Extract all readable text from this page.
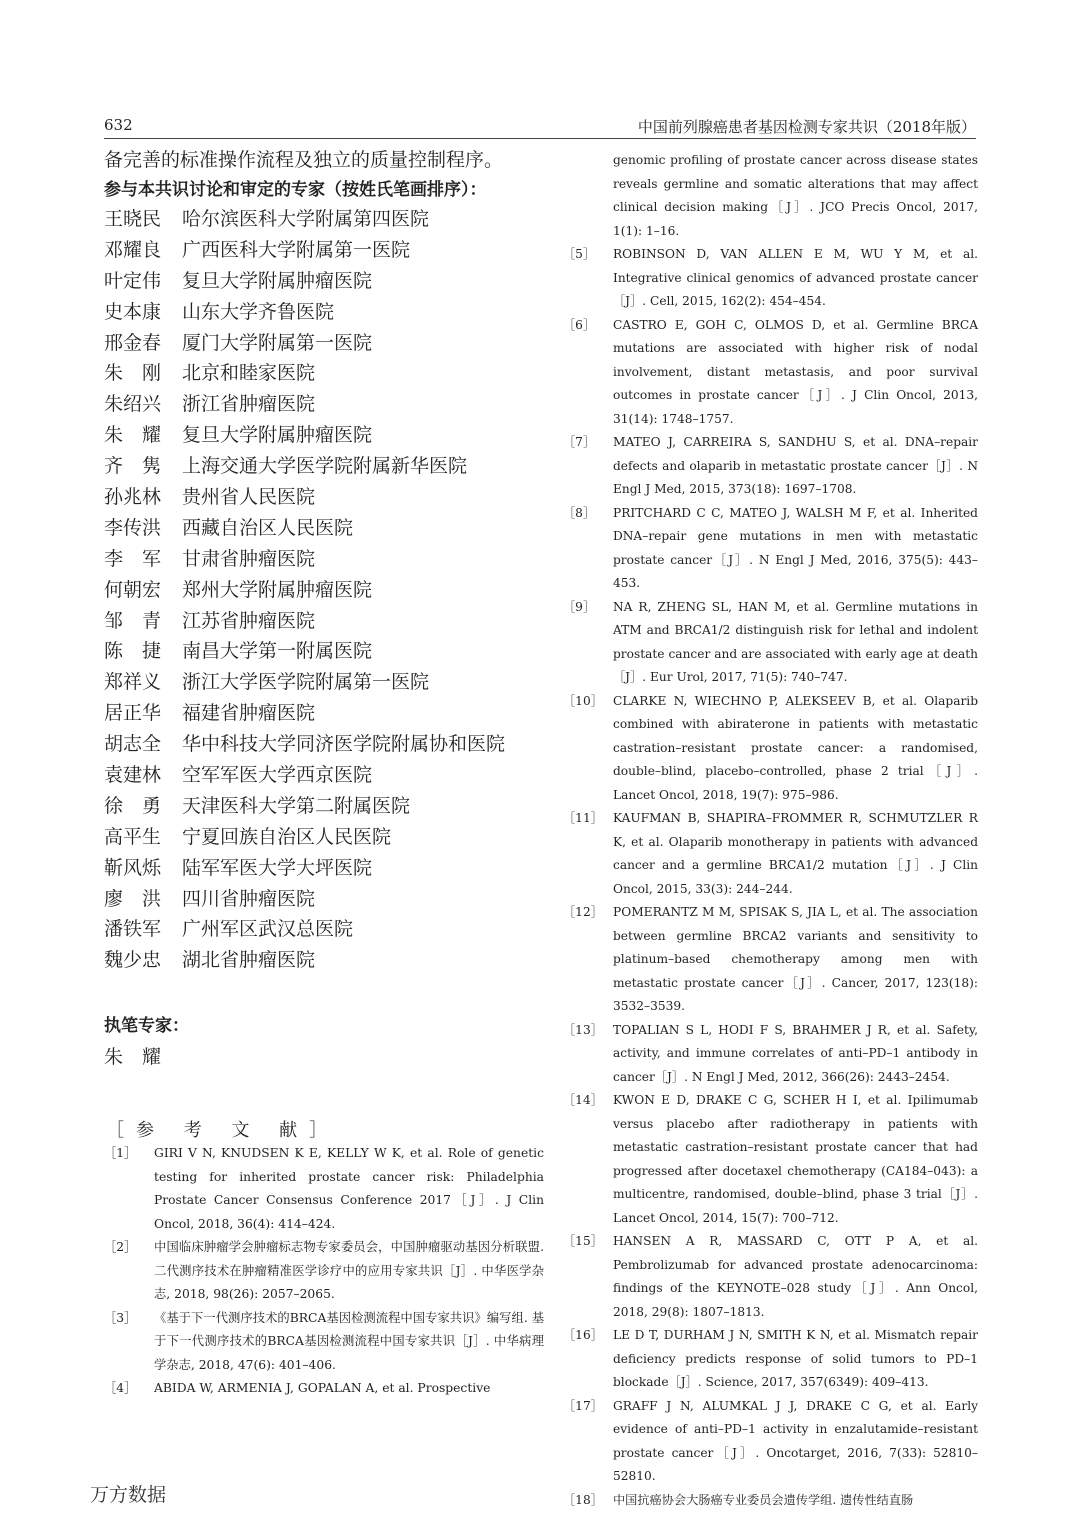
632	中国前列腺癌患者基因检测专家共识（2018年版）
备完善的标准操作流程及独立的质量控制程序。
参与本共识讨论和审定的专家（按姓氏笔画排序）：
王晓民	哈尔滨医科大学附属第四医院
邓耀良	广西医科大学附属第一医院
叶定伟	复旦大学附属肿瘤医院
史本康	山东大学齐鲁医院
邢金春	厦门大学附属第一医院
朱　刚	北京和睦家医院
朱绍兴	浙江省肿瘤医院
朱　耀	复旦大学附属肿瘤医院
齐　隽	上海交通大学医学院附属新华医院
孙兆林	贵州省人民医院
李传洪	西藏自治区人民医院
李　军	甘肃省肿瘤医院
何朝宏	郑州大学附属肿瘤医院
邹　青	江苏省肿瘤医院
陈　捷	南昌大学第一附属医院
郑祥义	浙江大学医学院附属第一医院
居正华	福建省肿瘤医院
胡志全	华中科技大学同济医学院附属协和医院
袁建林	空军军医大学西京医院
徐　勇	天津医科大学第二附属医院
高平生	宁夏回族自治区人民医院
靳风烁	陆军军医大学大坪医院
廖　洪	四川省肿瘤医院
潘铁军	广州军区武汉总医院
魏少忠	湖北省肿瘤医院
执笔专家：
朱　耀
［参 考 文 献］
［1］	GIRI V N, KNUDSEN K E, KELLY W K, et al. Role of genetic testing for inherited prostate cancer risk: Philadelphia Prostate Cancer Consensus Conference 2017［J］. J Clin Oncol, 2018, 36(4): 414–424.
［2］	中国临床肿瘤学会肿瘤标志物专家委员会，中国肿瘤驱动基因分析联盟. 二代测序技术在肿瘤精准医学诊疗中的应用专家共识［J］. 中华医学杂志, 2018, 98(26): 2057–2065.
［3］	《基于下一代测序技术的BRCA基因检测流程中国专家共识》编写组. 基于下一代测序技术的BRCA基因检测流程中国专家共识［J］. 中华病理学杂志, 2018, 47(6): 401–406.
［4］	ABIDA W, ARMENIA J, GOPALAN A, et al. Prospective
genomic profiling of prostate cancer across disease states reveals germline and somatic alterations that may affect clinical decision making［J］. JCO Precis Oncol, 2017, 1(1): 1–16.
［5］	ROBINSON D, VAN ALLEN E M, WU Y M, et al. Integrative clinical genomics of advanced prostate cancer［J］. Cell, 2015, 162(2): 454–454.
［6］	CASTRO E, GOH C, OLMOS D, et al. Germline BRCA mutations are associated with higher risk of nodal involvement, distant metastasis, and poor survival outcomes in prostate cancer［J］. J Clin Oncol, 2013, 31(14): 1748–1757.
［7］	MATEO J, CARREIRA S, SANDHU S, et al. DNA–repair defects and olaparib in metastatic prostate cancer［J］. N Engl J Med, 2015, 373(18): 1697–1708.
［8］	PRITCHARD C C, MATEO J, WALSH M F, et al. Inherited DNA–repair gene mutations in men with metastatic prostate cancer［J］. N Engl J Med, 2016, 375(5): 443–453.
［9］	NA R, ZHENG SL, HAN M, et al. Germline mutations in ATM and BRCA1/2 distinguish risk for lethal and indolent prostate cancer and are associated with early age at death［J］. Eur Urol, 2017, 71(5): 740–747.
［10］ CLARKE N, WIECHNO P, ALEKSEEV B, et al. Olaparib combined with abiraterone in patients with metastatic castration–resistant prostate cancer: a randomised, double–blind, placebo–controlled, phase 2 trial［J］. Lancet Oncol, 2018, 19(7): 975–986.
［11］ KAUFMAN B, SHAPIRA–FROMMER R, SCHMUTZLER R K, et al. Olaparib monotherapy in patients with advanced cancer and a germline BRCA1/2 mutation［J］. J Clin Oncol, 2015, 33(3): 244–244.
［12］ POMERANTZ M M, SPISAK S, JIA L, et al. The association between germline BRCA2 variants and sensitivity to platinum–based chemotherapy among men with metastatic prostate cancer［J］. Cancer, 2017, 123(18): 3532–3539.
［13］ TOPALIAN S L, HODI F S, BRAHMER J R, et al. Safety, activity, and immune correlates of anti–PD–1 antibody in cancer［J］. N Engl J Med, 2012, 366(26): 2443–2454.
［14］ KWON E D, DRAKE C G, SCHER H I, et al. Ipilimumab versus placebo after radiotherapy in patients with metastatic castration–resistant prostate cancer that had progressed after docetaxel chemotherapy (CA184–043): a multicentre, randomised, double–blind, phase 3 trial［J］. Lancet Oncol, 2014, 15(7): 700–712.
［15］ HANSEN A R, MASSARD C, OTT P A, et al. Pembrolizumab for advanced prostate adenocarcinoma: findings of the KEYNOTE–028 study［J］. Ann Oncol, 2018, 29(8): 1807–1813.
［16］ LE D T, DURHAM J N, SMITH K N, et al. Mismatch repair deficiency predicts response of solid tumors to PD–1 blockade［J］. Science, 2017, 357(6349): 409–413.
［17］ GRAFF J N, ALUMKAL J J, DRAKE C G, et al. Early evidence of anti–PD–1 activity in enzalutamide–resistant prostate cancer［J］. Oncotarget, 2016, 7(33): 52810–52810.
［18］ 中国抗癌协会大肠癌专业委员会遗传学组. 遗传性结直肠
万方数据
